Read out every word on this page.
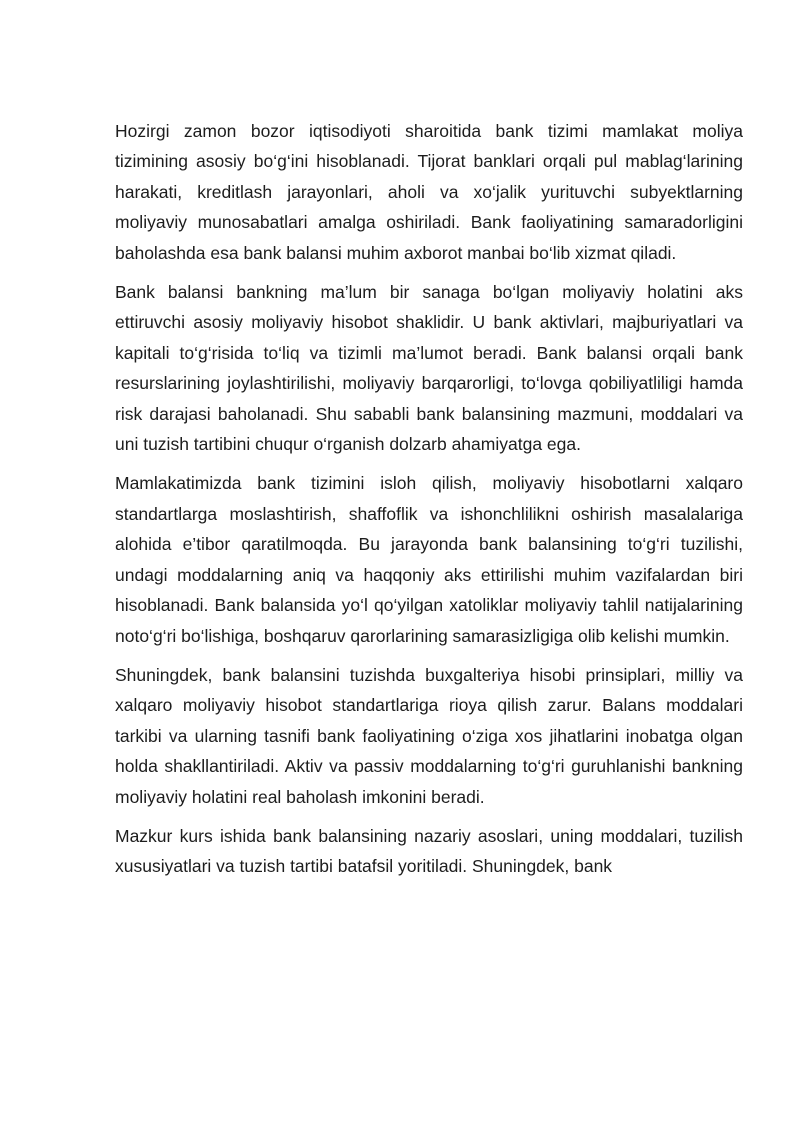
Hozirgi zamon bozor iqtisodiyoti sharoitida bank tizimi mamlakat moliya tizimining asosiy bo‘g‘ini hisoblanadi. Tijorat banklari orqali pul mablag‘larining harakati, kreditlash jarayonlari, aholi va xo‘jalik yurituvchi subyektlarning moliyaviy munosabatlari amalga oshiriladi. Bank faoliyatining samaradorligini baholashda esa bank balansi muhim axborot manbai bo‘lib xizmat qiladi.

Bank balansi bankning ma’lum bir sanaga bo‘lgan moliyaviy holatini aks ettiruvchi asosiy moliyaviy hisobot shaklidir. U bank aktivlari, majburiyatlari va kapitali to‘g‘risida to‘liq va tizimli ma’lumot beradi. Bank balansi orqali bank resurslarining joylashtirilishi, moliyaviy barqarorligi, to‘lovga qobiliyatliligi hamda risk darajasi baholanadi. Shu sababli bank balansining mazmuni, moddalari va uni tuzish tartibini chuqur o‘rganish dolzarb ahamiyatga ega.

Mamlakatimizda bank tizimini isloh qilish, moliyaviy hisobotlarni xalqaro standartlarga moslashtirish, shaffoflik va ishonchlilikni oshirish masalalariga alohida e’tibor qaratilmoqda. Bu jarayonda bank balansining to‘g‘ri tuzilishi, undagi moddalarning aniq va haqqoniy aks ettirilishi muhim vazifalardan biri hisoblanadi. Bank balansida yo‘l qo‘yilgan xatoliklar moliyaviy tahlil natijalarining noto‘g‘ri bo‘lishiga, boshqaruv qarorlarining samarasizligiga olib kelishi mumkin.

Shuningdek, bank balansini tuzishda buxgalteriya hisobi prinsiplari, milliy va xalqaro moliyaviy hisobot standartlariga rioya qilish zarur. Balans moddalari tarkibi va ularning tasnifi bank faoliyatining o‘ziga xos jihatlarini inobatga olgan holda shakllantiriladi. Aktiv va passiv moddalarning to‘g‘ri guruhlanishi bankning moliyaviy holatini real baholash imkonini beradi.

Mazkur kurs ishida bank balansining nazariy asoslari, uning moddalari, tuzilish xususiyatlari va tuzish tartibi batafsil yoritiladi. Shuningdek, bank
